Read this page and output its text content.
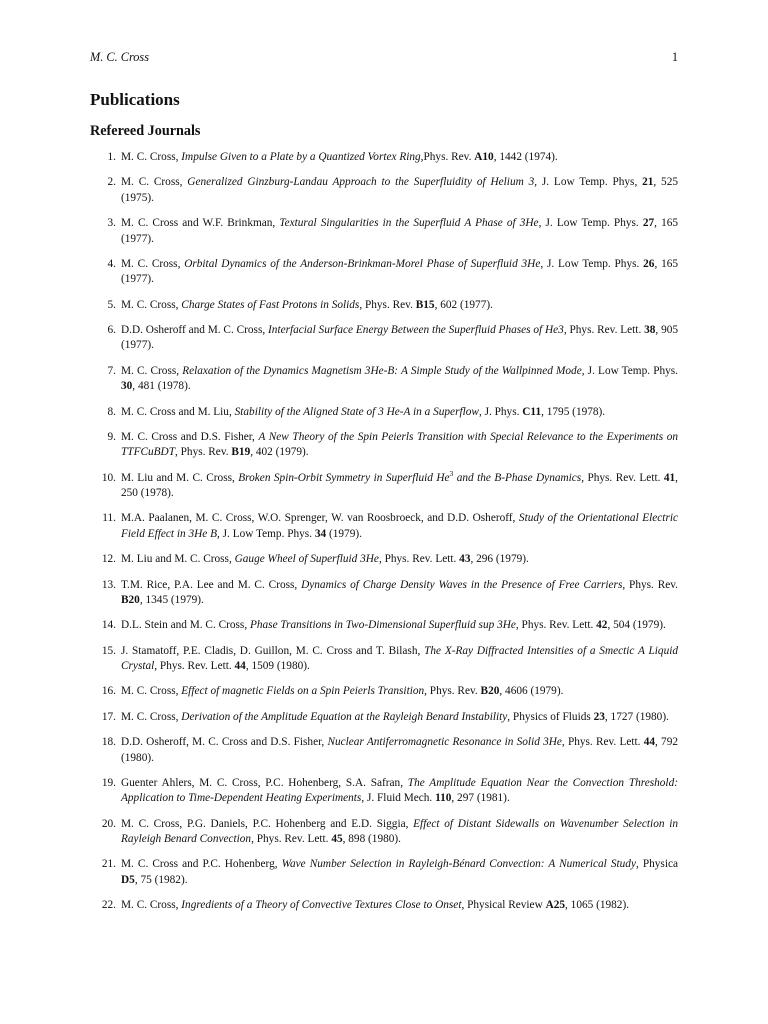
M. C. Cross	1
Publications
Refereed Journals
1. M. C. Cross, Impulse Given to a Plate by a Quantized Vortex Ring,Phys. Rev. A10, 1442 (1974).
2. M. C. Cross, Generalized Ginzburg-Landau Approach to the Superfluidity of Helium 3, J. Low Temp. Phys, 21, 525 (1975).
3. M. C. Cross and W.F. Brinkman, Textural Singularities in the Superfluid A Phase of 3He, J. Low Temp. Phys. 27, 165 (1977).
4. M. C. Cross, Orbital Dynamics of the Anderson-Brinkman-Morel Phase of Superfluid 3He, J. Low Temp. Phys. 26, 165 (1977).
5. M. C. Cross, Charge States of Fast Protons in Solids, Phys. Rev. B15, 602 (1977).
6. D.D. Osheroff and M. C. Cross, Interfacial Surface Energy Between the Superfluid Phases of He3, Phys. Rev. Lett. 38, 905 (1977).
7. M. C. Cross, Relaxation of the Dynamics Magnetism 3He-B: A Simple Study of the Wallpinned Mode, J. Low Temp. Phys. 30, 481 (1978).
8. M. C. Cross and M. Liu, Stability of the Aligned State of 3 He-A in a Superflow, J. Phys. C11, 1795 (1978).
9. M. C. Cross and D.S. Fisher, A New Theory of the Spin Peierls Transition with Special Relevance to the Experiments on TTFCuBDT, Phys. Rev. B19, 402 (1979).
10. M. Liu and M. C. Cross, Broken Spin-Orbit Symmetry in Superfluid He$^3$ and the B-Phase Dynamics, Phys. Rev. Lett. 41, 250 (1978).
11. M.A. Paalanen, M. C. Cross, W.O. Sprenger, W. van Roosbroeck, and D.D. Osheroff, Study of the Orientational Electric Field Effect in 3He B, J. Low Temp. Phys. 34 (1979).
12. M. Liu and M. C. Cross, Gauge Wheel of Superfluid 3He, Phys. Rev. Lett. 43, 296 (1979).
13. T.M. Rice, P.A. Lee and M. C. Cross, Dynamics of Charge Density Waves in the Presence of Free Carriers, Phys. Rev. B20, 1345 (1979).
14. D.L. Stein and M. C. Cross, Phase Transitions in Two-Dimensional Superfluid sup 3He, Phys. Rev. Lett. 42, 504 (1979).
15. J. Stamatoff, P.E. Cladis, D. Guillon, M. C. Cross and T. Bilash, The X-Ray Diffracted Intensities of a Smectic A Liquid Crystal, Phys. Rev. Lett. 44, 1509 (1980).
16. M. C. Cross, Effect of magnetic Fields on a Spin Peierls Transition, Phys. Rev. B20, 4606 (1979).
17. M. C. Cross, Derivation of the Amplitude Equation at the Rayleigh Benard Instability, Physics of Fluids 23, 1727 (1980).
18. D.D. Osheroff, M. C. Cross and D.S. Fisher, Nuclear Antiferromagnetic Resonance in Solid 3He, Phys. Rev. Lett. 44, 792 (1980).
19. Guenter Ahlers, M. C. Cross, P.C. Hohenberg, S.A. Safran, The Amplitude Equation Near the Convection Threshold: Application to Time-Dependent Heating Experiments, J. Fluid Mech. 110, 297 (1981).
20. M. C. Cross, P.G. Daniels, P.C. Hohenberg and E.D. Siggia, Effect of Distant Sidewalls on Wavenumber Selection in Rayleigh Benard Convection, Phys. Rev. Lett. 45, 898 (1980).
21. M. C. Cross and P.C. Hohenberg, Wave Number Selection in Rayleigh-Bénard Convection: A Numerical Study, Physica D5, 75 (1982).
22. M. C. Cross, Ingredients of a Theory of Convective Textures Close to Onset, Physical Review A25, 1065 (1982).
